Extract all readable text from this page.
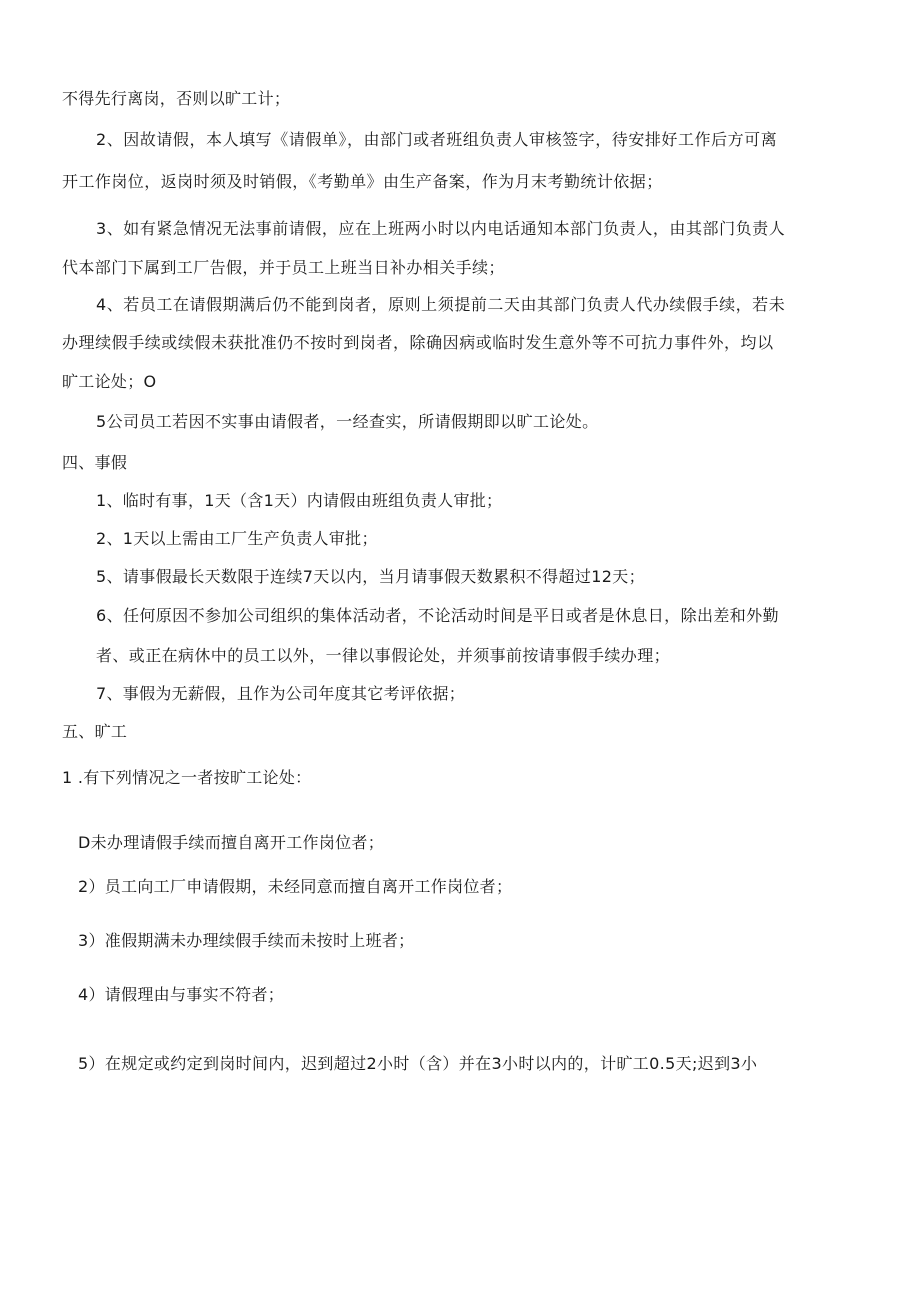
不得先行离岗，否则以旷工计；
2、因故请假，本人填写《请假单》，由部门或者班组负责人审核签字，待安排好工作后方可离
开工作岗位，返岗时须及时销假，《考勤单》由生产备案，作为月末考勤统计依据；
3、如有紧急情况无法事前请假，应在上班两小时以内电话通知本部门负责人，由其部门负责人
代本部门下属到工厂告假，并于员工上班当日补办相关手续；
4、若员工在请假期满后仍不能到岗者，原则上须提前二天由其部门负责人代办续假手续，若未
办理续假手续或续假未获批准仍不按时到岗者，除确因病或临时发生意外等不可抗力事件外，均以
旷工论处；O
5公司员工若因不实事由请假者，一经查实，所请假期即以旷工论处。
四、事假
1、临时有事，1天（含1天）内请假由班组负责人审批；
2、1天以上需由工厂生产负责人审批；
5、请事假最长天数限于连续7天以内，当月请事假天数累积不得超过12天；
6、任何原因不参加公司组织的集体活动者，不论活动时间是平日或者是休息日，除出差和外勤
者、或正在病休中的员工以外，一律以事假论处，并须事前按请事假手续办理；
7、事假为无薪假，且作为公司年度其它考评依据；
五、旷工
1 .有下列情况之一者按旷工论处：
D未办理请假手续而擅自离开工作岗位者；
2）员工向工厂申请假期，未经同意而擅自离开工作岗位者；
3）准假期满未办理续假手续而未按时上班者；
4）请假理由与事实不符者；
5）在规定或约定到岗时间内，迟到超过2小时（含）并在3小时以内的，计旷工0.5天;迟到3小
